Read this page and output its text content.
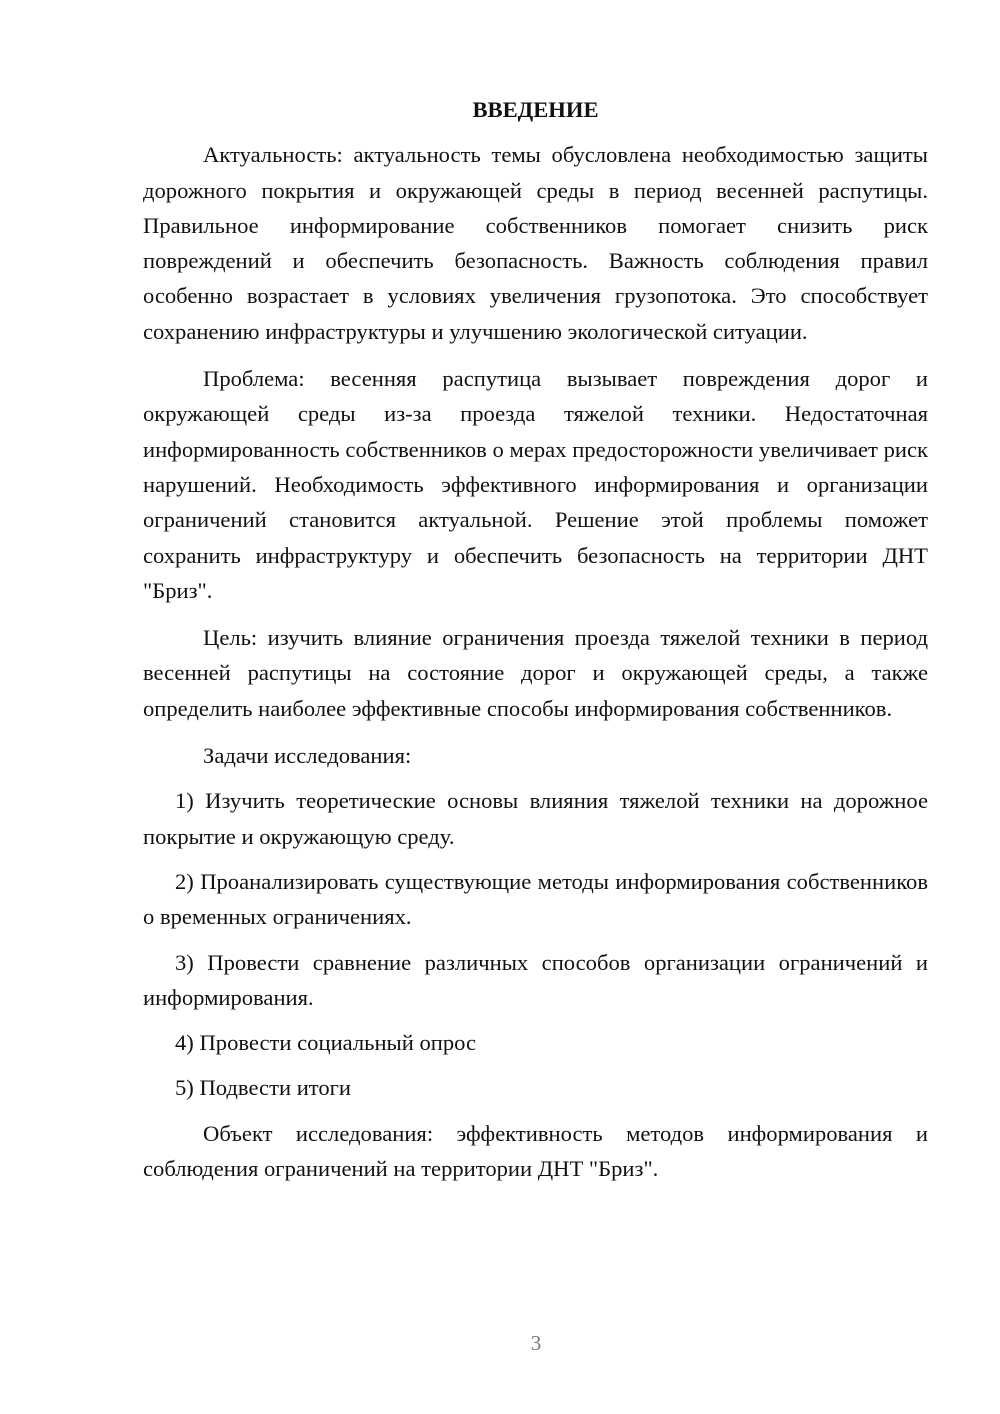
ВВЕДЕНИЕ

Актуальность: актуальность темы обусловлена необходимостью защиты дорожного покрытия и окружающей среды в период весенней распутицы. Правильное информирование собственников помогает снизить риск повреждений и обеспечить безопасность. Важность соблюдения правил особенно возрастает в условиях увеличения грузопотока. Это способствует сохранению инфраструктуры и улучшению экологической ситуации.

Проблема: весенняя распутица вызывает повреждения дорог и окружающей среды из-за проезда тяжелой техники. Недостаточная информированность собственников о мерах предосторожности увеличивает риск нарушений. Необходимость эффективного информирования и организации ограничений становится актуальной. Решение этой проблемы поможет сохранить инфраструктуру и обеспечить безопасность на территории ДНТ "Бриз".

Цель: изучить влияние ограничения проезда тяжелой техники в период весенней распутицы на состояние дорог и окружающей среды, а также определить наиболее эффективные способы информирования собственников.

Задачи исследования:

1) Изучить теоретические основы влияния тяжелой техники на дорожное покрытие и окружающую среду.

2) Проанализировать существующие методы информирования собственников о временных ограничениях.

3) Провести сравнение различных способов организации ограничений и информирования.

4) Провести социальный опрос

5) Подвести итоги

Объект исследования: эффективность методов информирования и соблюдения ограничений на территории ДНТ "Бриз".

3
